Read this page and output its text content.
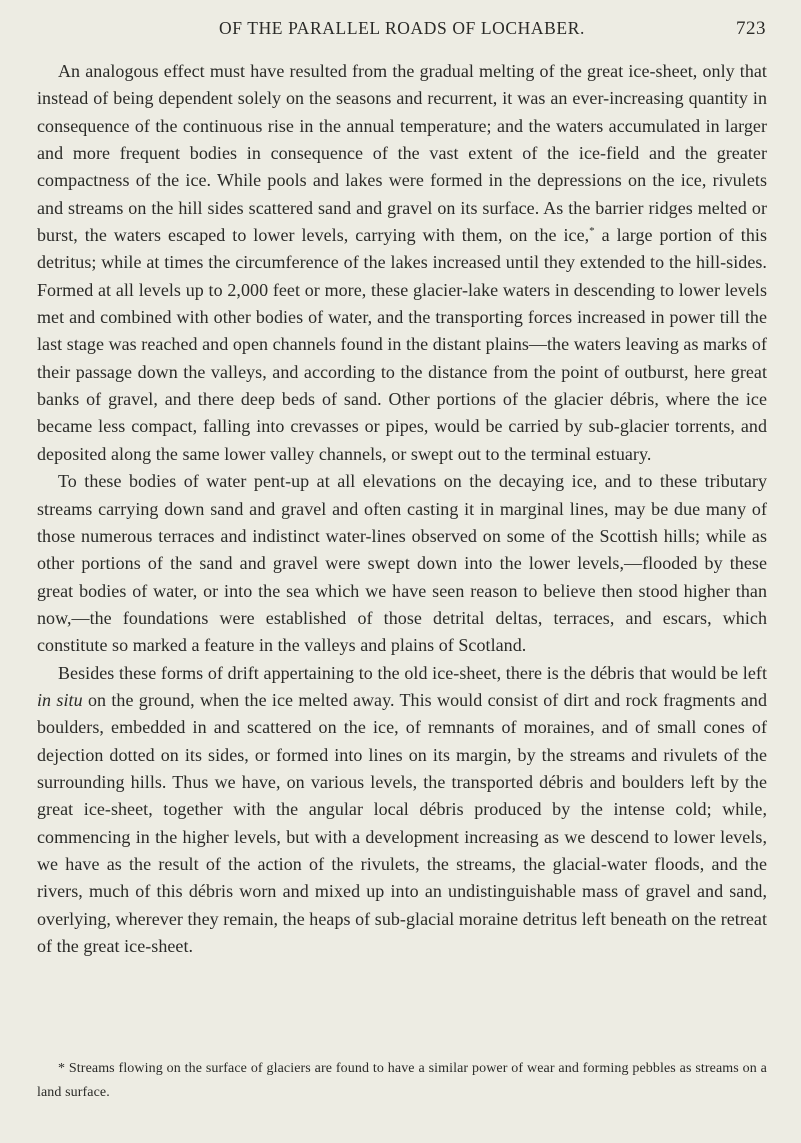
OF THE PARALLEL ROADS OF LOCHABER.	723

An analogous effect must have resulted from the gradual melting of the great ice-sheet, only that instead of being dependent solely on the seasons and recurrent, it was an ever-increasing quantity in consequence of the continuous rise in the annual temperature; and the waters accumulated in larger and more frequent bodies in consequence of the vast extent of the ice-field and the greater compactness of the ice. While pools and lakes were formed in the depressions on the ice, rivulets and streams on the hill sides scattered sand and gravel on its surface. As the barrier ridges melted or burst, the waters escaped to lower levels, carrying with them, on the ice,* a large portion of this detritus; while at times the circumference of the lakes increased until they extended to the hill-sides. Formed at all levels up to 2,000 feet or more, these glacier-lake waters in descending to lower levels met and combined with other bodies of water, and the transporting forces increased in power till the last stage was reached and open channels found in the distant plains—the waters leaving as marks of their passage down the valleys, and according to the distance from the point of outburst, here great banks of gravel, and there deep beds of sand. Other portions of the glacier débris, where the ice became less compact, falling into crevasses or pipes, would be carried by sub-glacier torrents, and deposited along the same lower valley channels, or swept out to the terminal estuary.

To these bodies of water pent-up at all elevations on the decaying ice, and to these tributary streams carrying down sand and gravel and often casting it in marginal lines, may be due many of those numerous terraces and indistinct water-lines observed on some of the Scottish hills; while as other portions of the sand and gravel were swept down into the lower levels,—flooded by these great bodies of water, or into the sea which we have seen reason to believe then stood higher than now,—the foundations were established of those detrital deltas, terraces, and escars, which constitute so marked a feature in the valleys and plains of Scotland.

Besides these forms of drift appertaining to the old ice-sheet, there is the débris that would be left in situ on the ground, when the ice melted away. This would consist of dirt and rock fragments and boulders, embedded in and scattered on the ice, of remnants of moraines, and of small cones of dejection dotted on its sides, or formed into lines on its margin, by the streams and rivulets of the surrounding hills. Thus we have, on various levels, the transported débris and boulders left by the great ice-sheet, together with the angular local débris produced by the intense cold; while, commencing in the higher levels, but with a development increasing as we descend to lower levels, we have as the result of the action of the rivulets, the streams, the glacial-water floods, and the rivers, much of this débris worn and mixed up into an undistinguishable mass of gravel and sand, overlying, wherever they remain, the heaps of sub-glacial moraine detritus left beneath on the retreat of the great ice-sheet.

* Streams flowing on the surface of glaciers are found to have a similar power of wear and forming pebbles as streams on a land surface.
